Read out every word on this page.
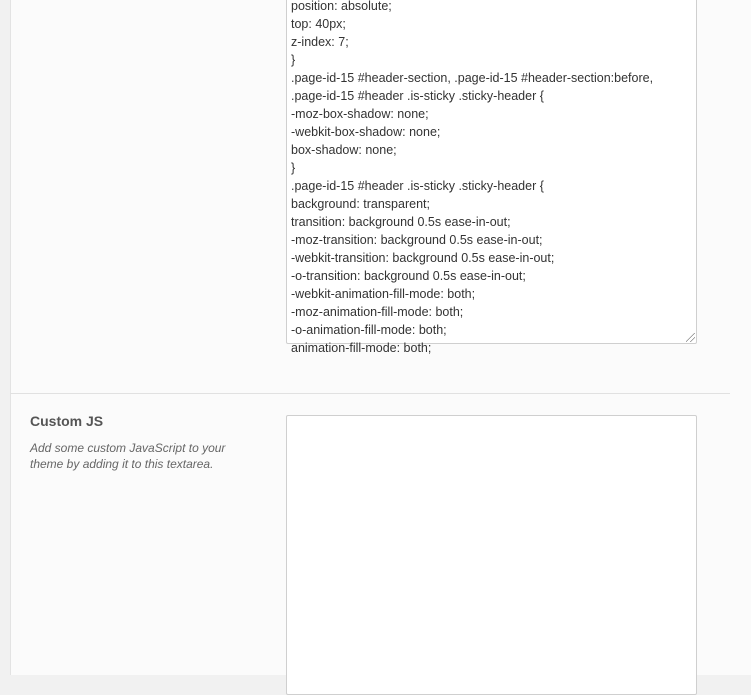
position: absolute;
top: 40px;
z-index: 7;
}
.page-id-15 #header-section, .page-id-15 #header-section:before,
.page-id-15 #header .is-sticky .sticky-header {
-moz-box-shadow: none;
-webkit-box-shadow: none;
box-shadow: none;
}
.page-id-15 #header .is-sticky .sticky-header {
background: transparent;
transition: background 0.5s ease-in-out;
-moz-transition: background 0.5s ease-in-out;
-webkit-transition: background 0.5s ease-in-out;
-o-transition: background 0.5s ease-in-out;
-webkit-animation-fill-mode: both;
-moz-animation-fill-mode: both;
-o-animation-fill-mode: both;
animation-fill-mode: both;
Custom JS

Add some custom JavaScript to your theme by adding it to this textarea.
